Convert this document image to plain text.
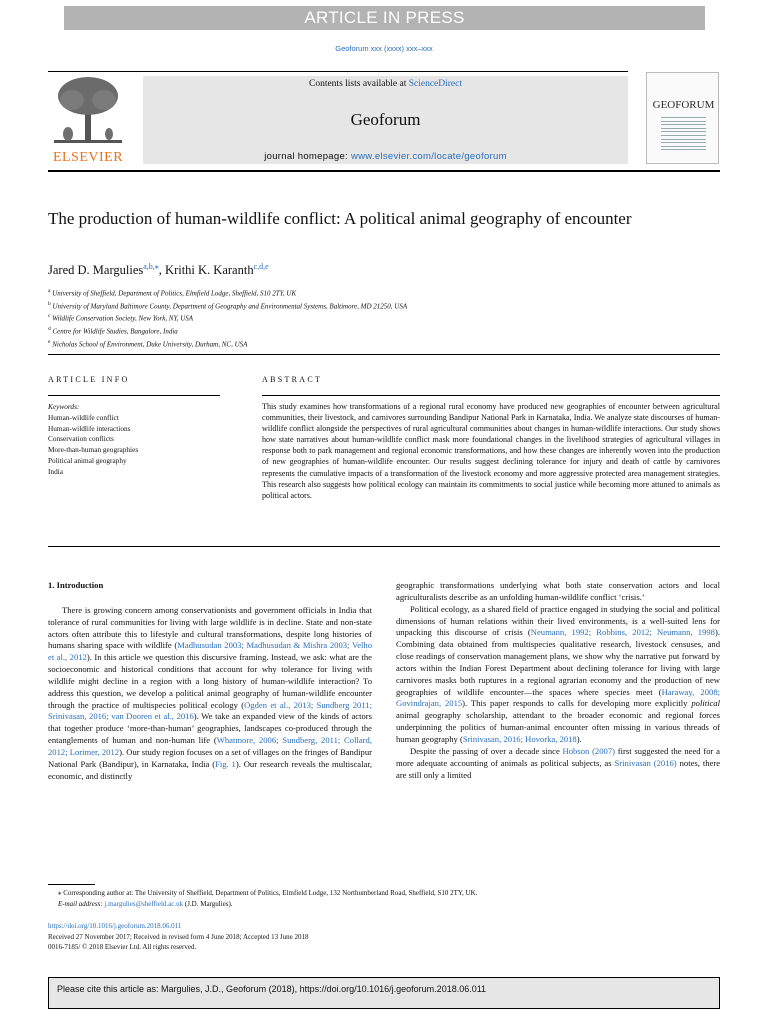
ARTICLE IN PRESS
Geoforum xxx (xxxx) xxx–xxx
ELSEVIER
Contents lists available at ScienceDirect
Geoforum
journal homepage: www.elsevier.com/locate/geoforum
GEOFORUM
The production of human-wildlife conflict: A political animal geography of encounter
Jared D. Margulies$^{a,b,⁎}$, Krithi K. Karanth$^{c,d,e}$
$^a$ University of Sheffield, Department of Politics, Elmfield Lodge, Sheffield, S10 2TY, UK
$^b$ University of Maryland Baltimore County, Department of Geography and Environmental Systems, Baltimore, MD 21250, USA
$^c$ Wildlife Conservation Society, New York, NY, USA
$^d$ Centre for Wildlife Studies, Bangalore, India
$^e$ Nicholas School of Environment, Duke University, Durham, NC, USA
ARTICLE INFO	ABSTRACT
Keywords:
Human-wildlife conflict
Human-wildlife interactions
Conservation conflicts
More-than-human geographies
Political animal geography
India
This study examines how transformations of a regional rural economy have produced new geographies of encounter between agricultural communities, their livestock, and carnivores surrounding Bandipur National Park in Karnataka, India. We analyze state discourses of human-wildlife conflict alongside the perspectives of rural agricultural communities about changes in human-wildlife interactions. Our study shows how state narratives about human-wildlife conflict mask more foundational changes in the livelihood strategies of agricultural villages in response both to park management and regional economic transformations, and how these changes are inherently woven into the production of new geographies of human-wildlife encounter. Our results suggest declining tolerance for injury and death of cattle by carnivores represents the cumulative impacts of a transformation of the livestock economy and more aggressive protected area management strategies. This research also suggests how political ecology can maintain its commitments to social justice while becoming more attuned to animals as political actors.
1. Introduction

There is growing concern among conservationists and government officials in India that tolerance of rural communities for living with large wildlife is in decline. State and non-state actors often attribute this to lifestyle and cultural transformations, despite long histories of humans sharing space with wildlife (Madhusudan 2003; Madhusudan & Mishra 2003; Velho et al., 2012). In this article we question this discursive framing. Instead, we ask: what are the socioeconomic and historical conditions that account for why tolerance for living with wildlife might decline in a region with a long history of human-wildlife interaction? To address this question, we develop a political animal geography of human-wildlife encounter through the practice of multispecies political ecology (Ogden et al., 2013; Sundberg 2011; Srinivasan, 2016; van Dooren et al., 2016). We take an expanded view of the kinds of actors that together produce ‘more-than-human’ geographies, landscapes co-produced through the entanglements of human and non-human life (Whatmore, 2006; Sundberg, 2011; Collard, 2012; Lorimer, 2012). Our study region focuses on a set of villages on the fringes of Bandipur National Park (Bandipur), in Karnataka, India (Fig. 1). Our research reveals the multiscalar, economic, and distinctly

geographic transformations underlying what both state conservation actors and local agriculturalists describe as an unfolding human-wildlife conflict ‘crisis.’

Political ecology, as a shared field of practice engaged in studying the social and political dimensions of human relations within their lived environments, is a well-suited lens for unpacking this discourse of crisis (Neumann, 1992; Robbins, 2012; Neumann, 1998). Combining data obtained from multispecies qualitative research, livestock censuses, and close readings of conservation management plans, we show why the narrative put forward by actors within the Indian Forest Department about declining tolerance for living with large carnivores masks both ruptures in a regional agrarian economy and the production of new geographies of wildlife encounter—the spaces where species meet (Haraway, 2008; Govindrajan, 2015). This paper responds to calls for developing more explicitly political animal geography scholarship, attendant to the broader economic and regional forces underpinning the politics of human-animal encounter often missing in various threads of human geography (Srinivasan, 2016; Hovorka, 2018).

Despite the passing of over a decade since Hobson (2007) first suggested the need for a more adequate accounting of animals as political subjects, as Srinivasan (2016) notes, there are still only a limited

⁎ Corresponding author at: The University of Sheffield, Department of Politics, Elmfield Lodge, 132 Northumberland Road, Sheffield, S10 2TY, UK.
E-mail address: j.margulies@sheffield.ac.uk (J.D. Margulies).
https://doi.org/10.1016/j.geoforum.2018.06.011
Received 27 November 2017; Received in revised form 4 June 2018; Accepted 13 June 2018
0016-7185/ © 2018 Elsevier Ltd. All rights reserved.
Please cite this article as: Margulies, J.D., Geoforum (2018), https://doi.org/10.1016/j.geoforum.2018.06.011
